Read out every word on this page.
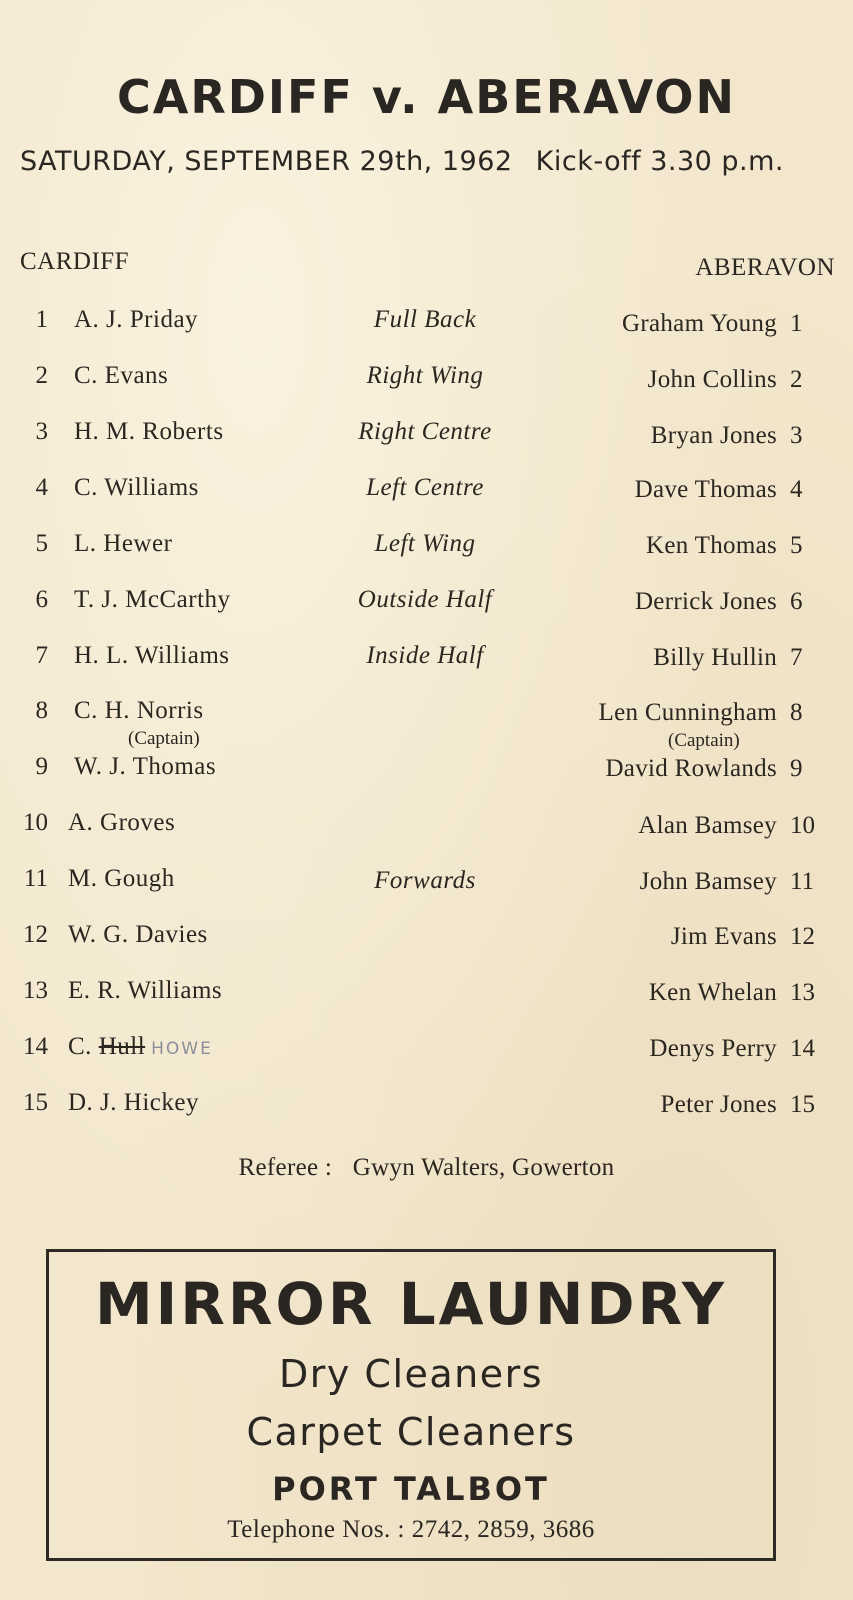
CARDIFF v. ABERAVON
SATURDAY, SEPTEMBER 29th, 1962 Kick-off 3.30 p.m.
CARDIFF	ABERAVON
1 A. J. Priday	Full Back	Graham Young 1
2 C. Evans	Right Wing	John Collins 2
3 H. M. Roberts	Right Centre	Bryan Jones 3
4 C. Williams	Left Centre	Dave Thomas 4
5 L. Hewer	Left Wing	Ken Thomas 5
6 T. J. McCarthy	Outside Half	Derrick Jones 6
7 H. L. Williams	Inside Half	Billy Hullin 7
8 C. H. Norris	Len Cunningham 8
(Captain)	(Captain)
9 W. J. Thomas	David Rowlands 9
10 A. Groves	Alan Bamsey 10
11 M. Gough	Forwards	John Bamsey 11
12 W. G. Davies	Jim Evans 12
13 E. R. Williams	Ken Whelan 13
14 C. Hull HOWE	Denys Perry 14
15 D. J. Hickey	Peter Jones 15
Referee : Gwyn Walters, Gowerton
MIRROR LAUNDRY
Dry Cleaners
Carpet Cleaners
PORT TALBOT
Telephone Nos. : 2742, 2859, 3686
